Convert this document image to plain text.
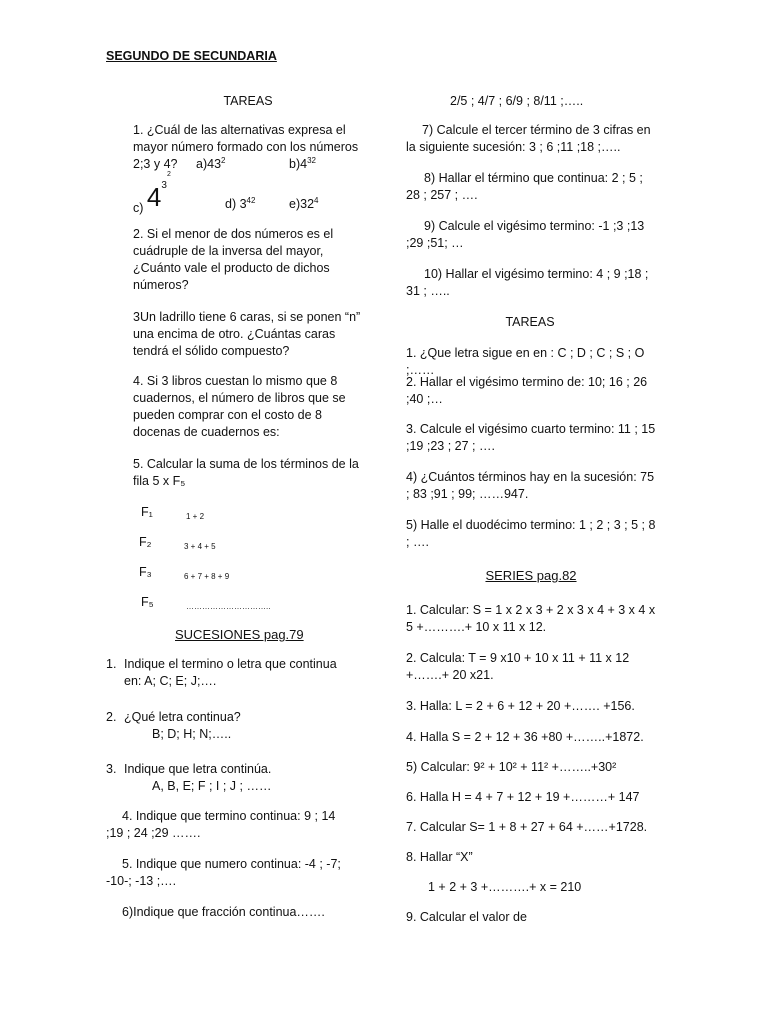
SEGUNDO DE SECUNDARIA
TAREAS
1. ¿Cuál de las alternativas expresa el mayor número formado con los números 2;3 y 4?	$a)43^2$	$b)4^{32}$
c) $4^{3^2}$
d) $3^{42}$	$e)32^4$
2. Si el menor de dos números es el cuádruple de la inversa del mayor, ¿Cuánto vale el producto de dichos números?
3Un ladrillo tiene 6 caras, si se ponen “n” una encima de otro. ¿Cuántas caras tendrá el sólido compuesto?
4. Si 3 libros cuestan lo mismo que 8 cuadernos, el número de libros que se pueden comprar con el costo de 8 docenas de cuadernos es:
5. Calcular la suma de los términos de la fila 5 x F₅
F₁	1 + 2
F₂	3 + 4 + 5
F₃	6 + 7 + 8 + 9
F₅	…………………………..
SUCESIONES pag.79
1. Indique el termino o letra que continua en: A; C; E; J;….
2. ¿Qué letra continua?
B; D; H; N;…..
3. Indique que letra continúa.
A, B, E; F ; I ; J ; ……
4. Indique que termino continua: 9 ; 14 ;19 ; 24 ;29 …….
5. Indique que numero continua: -4 ; -7; -10-; -13 ;….
6)Indique que fracción continua…….
2/5 ; 4/7 ; 6/9 ; 8/11 ;…..
7) Calcule el tercer término de 3 cifras en la siguiente sucesión: 3 ; 6 ;11 ;18 ;…..
8) Hallar el término que continua: 2 ; 5 ; 28 ; 257 ; ….
9) Calcule el vigésimo termino: -1 ;3 ;13 ;29 ;51; …
10) Hallar el vigésimo termino: 4 ; 9 ;18 ; 31 ; …..
TAREAS
1. ¿Que letra sigue en en : C ; D ; C ; S ; O ;……
2. Hallar el vigésimo termino de: 10; 16 ; 26 ;40 ;…
3. Calcule el vigésimo cuarto termino: 11 ; 15 ;19 ;23 ; 27 ; ….
4) ¿Cuántos términos hay en la sucesión: 75 ; 83 ;91 ; 99; ……947.
5) Halle el duodécimo termino: 1 ; 2 ; 3 ; 5 ; 8 ; ….
SERIES pag.82
1. Calcular: S = 1 x 2 x 3 + 2 x 3 x 4 + 3 x 4 x 5 +……….+ 10 x 11 x 12.
2. Calcula: T = 9 x10 + 10 x 11 + 11 x 12 +…….+ 20 x21.
3. Halla: L = 2 + 6 + 12 + 20 +……. +156.
4. Halla S = 2 + 12 + 36 +80 +……..+1872.
5) Calcular: 9² + 10² + 11² +……..+30²
6. Halla H = 4 + 7 + 12 + 19 +………+ 147
7. Calcular S= 1 + 8 + 27 + 64 +……+1728.
8. Hallar “X”
1 + 2 + 3 +……….+ x = 210
9. Calcular el valor de
